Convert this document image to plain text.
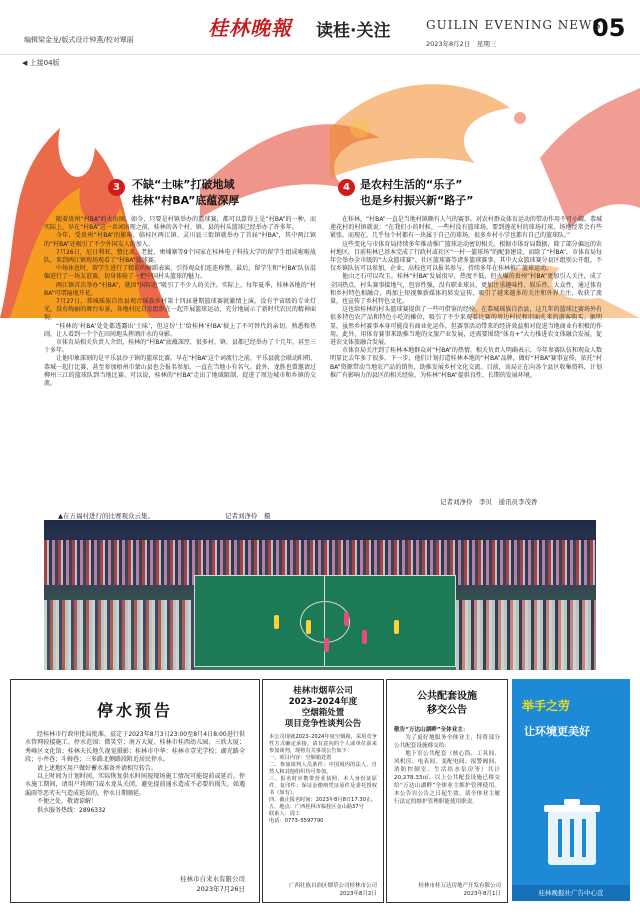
编辑梁金龙/版式设计钟燕/校对覃丽	桂林晚報 读桂·关注	GUILIN EVENING NEWS
05
2023年8月2日　星期三
◀ 上接04版
3	不缺“土味”打破地域
桂林“村BA”底蕴深厚

随着贵州“村BA”的火出圈，如今，只要是村镇举办的篮球赛，都可以算得上是“村BA”的一种。而实际上，早在“村BA”这一名词出现之前，桂林的各个村、镇、县的村头篮球已经举办了许多年。

今年，受贵州“村BA”的影响，临桂区两江镇、灵川县三街镇就举办了首届“村BA”，其中两江镇的“村BA”还吸引了不少外国友人的加入。

7月26日，尼日利亚、赞比亚、老挝、柬埔寨等9个国家在桂林电子科技大学的留学生组成啦啦战队，来到两江镇现场观看了“村BA”篮球赛。

中场休息时，留学生进行了精彩的舞蹈表演，引得观众们连连称赞。最后，留学生和“村BA”队伍混编进行了一场友谊赛，切身体验了一把中国村头篮球的魅力。

两江镇首次举办“村BA”，就因“国际范”吸引了不少人的关注。实际上，每年夏季，桂林各地的“村BA”可谓遍地开花。

7月27日，恭城瑶族自治县观音瑶族乡村第十四届暑期篮球赛就激情上演。没有宇宙级的专业灯光，没有绚丽的舞台布景，各地村民自发组织在一起开展篮球运动，充分地展示了新时代农民的精神面貌。

“桂林的‘村BA’处处都透露出‘土味’，但这份‘土’给桂林‘村BA’披上了不可替代的亲切、熟悉和热闹，让人看到一个个在田间地头挥洒汗水的身影。

市体育局相关负责人介绍，桂林的“村BA”底蕴深厚，很多村、镇、县都已经举办了十几年，甚至三十多年。

让他印象深刻的是平乐县沙子镇的篮球比赛。早在“村BA”这个词流行之前，平乐县就会联动阳朔、恭城一起打比赛，甚至参加梧州市蒙山县也会报名参加，一直在当地小有名气。此外，龙胜也曾邀请过柳州三江的篮球队到当地比赛。可以说，桂林的“村BA”走出了地域限制，促进了周边城市和乡镇的交流。

▲在五福村进行的比赛观众云集。	记者刘净伶　摄
4 是农村生活的“乐子”
也是乡村振兴新“路子”

在桂林，“村BA”一直是当地村镇颇有人气的赛事。对农村群众体育运动的带动作用不可小觑。恭城莲花村的村镇就说：“在我们小的时候，一些村没有篮球场，要到莲花村的球场打球，场地经常会有些紧张。而现在，几乎每个村都有一块属于自己的球场，很多乡村小学也都有自己的篮球队。”

这些变化与市体育局持续多年推动推广篮球运动密切相关。根据市体育局数据，除了部分偏远的农村地区，目前桂林已基本完成了行政村或社区“一村一篮球场”的配套建设，而除了“村BA”，市体育局每年会举办全市级的“大众篮球赛”、社区篮球赛等诸多篮球赛事，其中大众篮球赛分县区组别公开组，不仅乡镇队伍可以参加，企业、高校也可以报名参与，持续多年在桂林推广篮球运动。

他山之石可以攻玉。桂林“村BA”发展很早，热度不低，但火爆的贵州“村BA”更加引人关注，成了全国热点，村头赛事接地气，包容性强，没有职业球员，更加注重趣味性、娱乐性、大众性，通过体育和乡村特色相融合，再加上短视频新媒体的转发宣传，吸引了越来越多的关注和外界关注，收获了流量，也宣传了乡村特色文化。

这也给桂林的村头篮球赛提供了一些可借鉴的经验。在恭城瑶族自治县，这几年的篮球比赛场外有很多特色农产品和特色小吃的摊位，吸引了不少来观看比赛的周边村民和旧面孔来的游客购买。据明显，虽然乡村赛事本身可能没有商业化运作，但赛事活动带来的经济效益和对促进当地商业有积极的作用。此外，用体育赛事来助推当地的文旅产业发展，还需要围绕“体育+”大力推进农文体融合发展，促进农文体旅融合发展。

市体育局关注到了桂林本地群众对“村BA”的热情，相关负责人明确表示，今年参赛队伍和观众人数明显比去年多了很多。下一步，他们计划打造桂林本地的“村BA”品牌，做好“村BA”赛事宣传，依托“村BA”资源带动当地农产品的销售，助推发展乡村文化交流。目前，该局正在向各个县区收集资料，计划推广有影响力的县区的相关经验，为桂林“村BA”提供良性、长期的发展环境。

记者刘净伶　李贝　通讯员李茂香
停水预告
经桂林市行政审批局批准，兹定于2023年8月3日23:00至8月4日8:00进行供水管网较接施工。停水范围：微笑堂；南方大厦、桂林市桂西幼儿园、三欣大厦；秀峰区文化馆；桂林天长地久视觉摄影；桂林市中华：桂林市壹光学校；湖光路全段；小井巷；斗姆巷；三多路北侧路段附近居民停水。
请上述地区用户做好蓄水准备并请相互转告。
以上时间为计划时间，实际恢复供水时间视现场施工情况可能提前或延后。停水施工期间，请用户将阀门或水龙头关闭，避免提前通水造成不必要的损失。如遇漏雨等恶劣天气造成延误的，停水日期顺延。
不便之处，敬请谅解！
供水服务热线：2896332
桂林市自来水有限公司
2023年7月26日
桂林市烟草公司
2023–2024年度
空烟箱处置
项目竞争性谈判公告
本公司现就2023–2024年度空烟箱，采用竞争性方式确定承接。请有意向的个人或单位前来参加谈判，现将有关事项公告如下：
一、项目内容：空烟箱处置
二、参加谈判人员条件：中国境内的法人、自然人和其他组织均可参加。
三、报名时应携带营业执照、本人身份证原件，复印件；保证金缴纳凭证原件及委托授权书（如有）。
四、截止报名时间：2023年8月8日17:30止。
五、地点：广西桂林市临桂区金山路37号
联系人：周工
电话：0773–5597790
广西壮族自治区烟草公司桂林市公司
2023年8月2日
公共配套设施
移交公告
敬告“万达山湖畔”全体业主：
为了更好地服务全体业主，特将部分公共配套设施移交给：
地下室公共配套（核心筒、工具间、风机房、电表间、变配电间、报警阀间、消防控制室、生活给水泵房等）共计20,278.33㎡。以上公共配套设施已移交给“万达山湖畔”全体业主维护管理使用。本公告自公告之日起生效，请全体业主履行法定的维护管理职能使用职责。
桂林市桂万达房地产开发有限公司
2023年8月1日
举手之劳
让环境更美好
桂林晚报社广告中心宣
